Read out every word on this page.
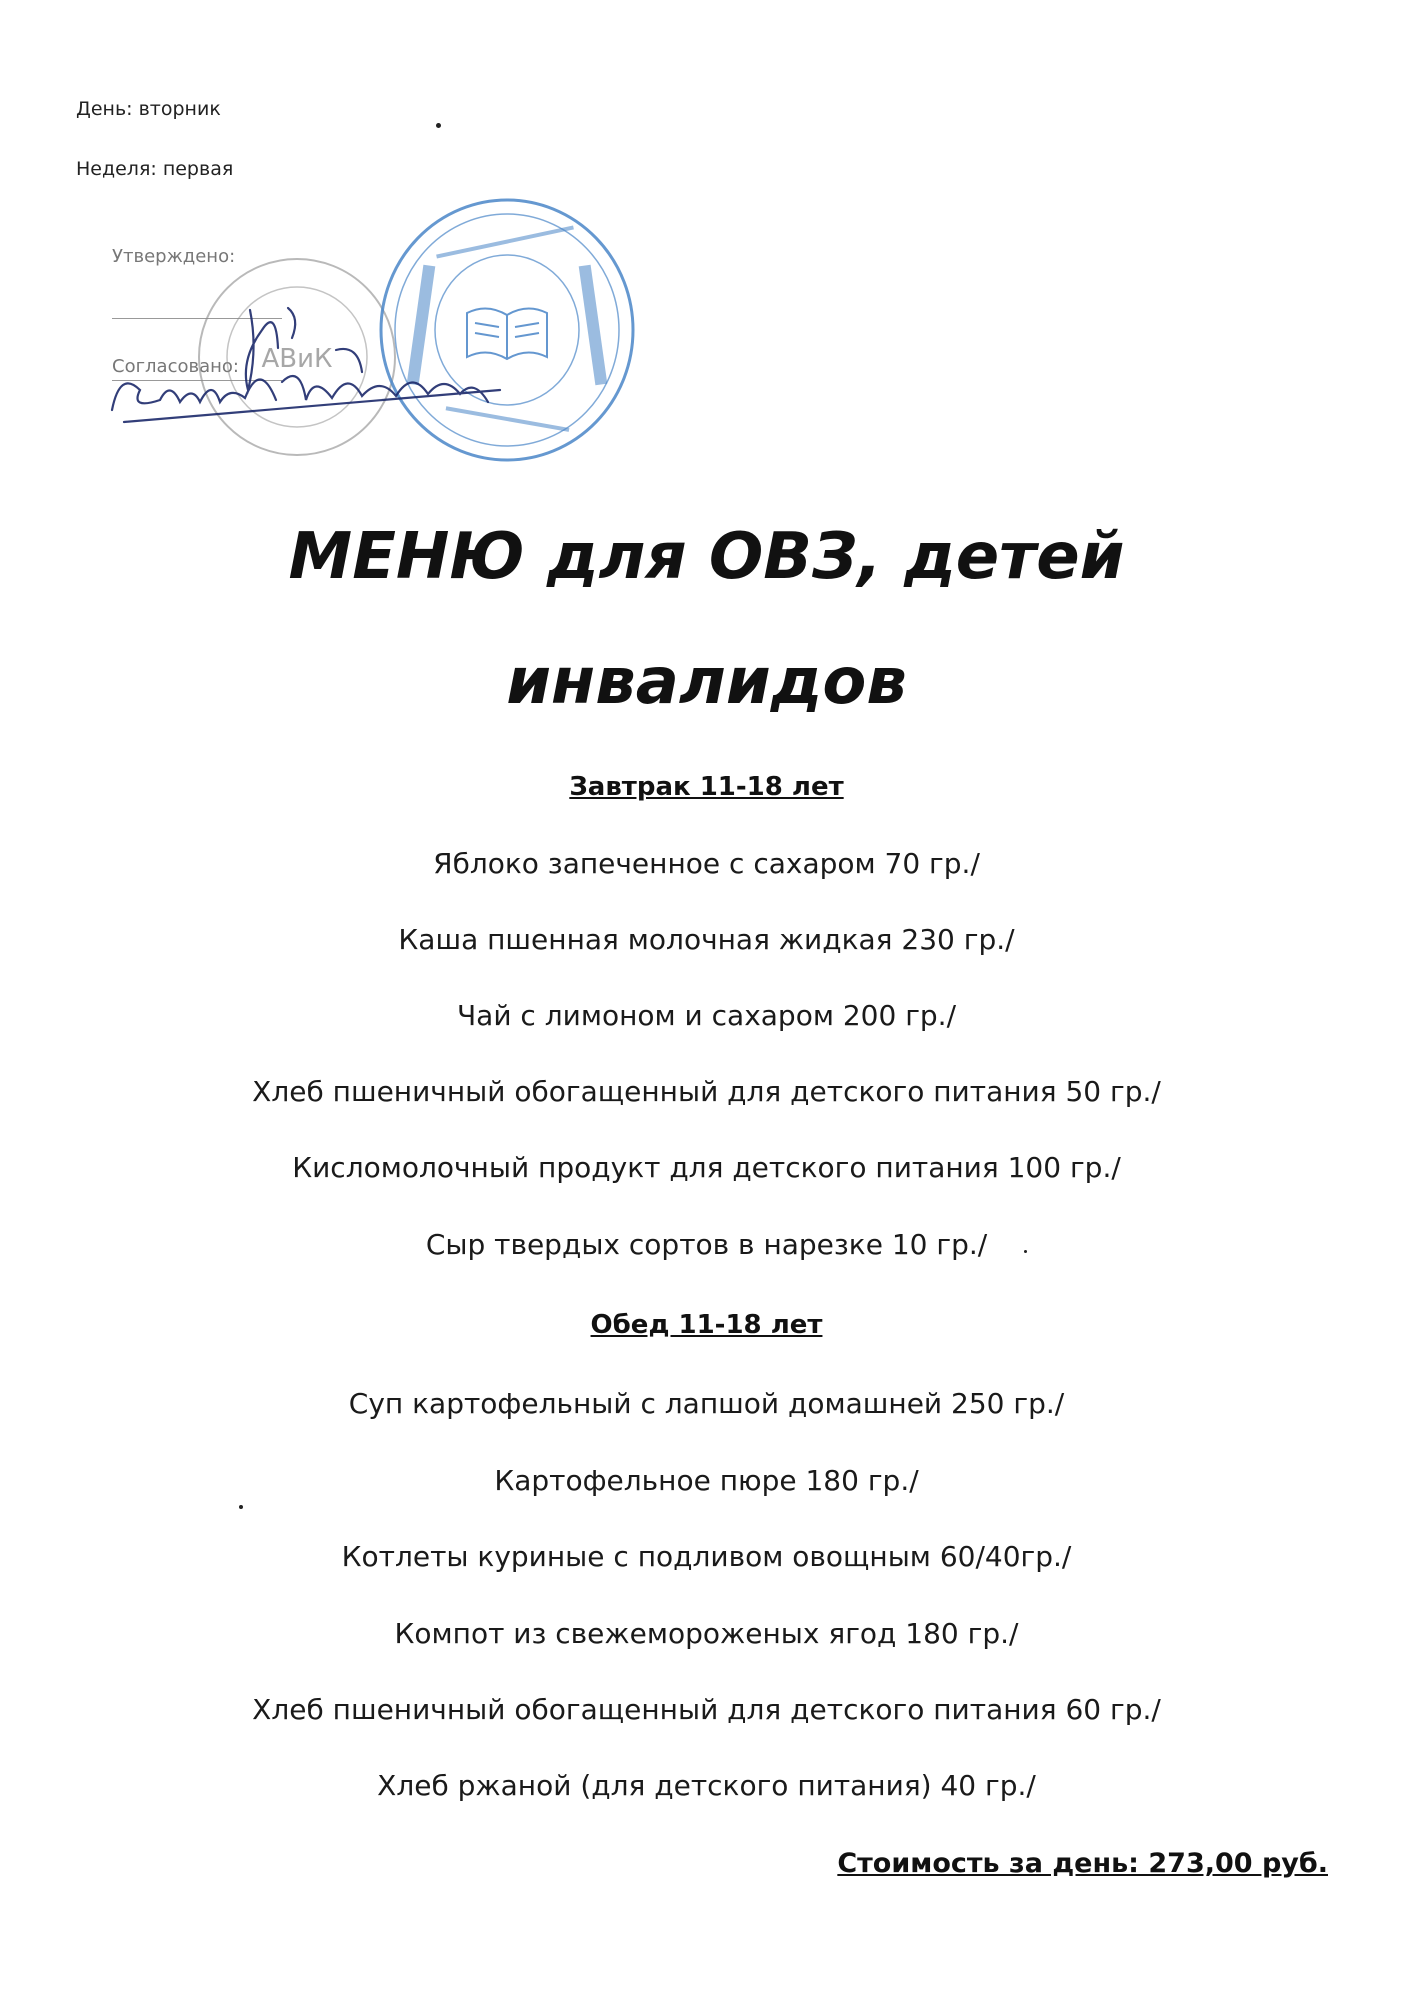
День: вторник
Неделя: первая
Утверждено:
Согласовано: АВиК
МЕНЮ для ОВЗ, детей
инвалидов
Завтрак 11-18 лет
Яблоко запеченное с сахаром 70 гр./
Каша пшенная молочная жидкая 230 гр./
Чай с лимоном и сахаром 200 гр./
Хлеб пшеничный обогащенный для детского питания 50 гр./
Кисломолочный продукт для детского питания 100 гр./
Сыр твердых сортов в нарезке 10 гр./
Обед 11-18 лет
Суп картофельный с лапшой домашней 250 гр./
Картофельное пюре 180 гр./
Котлеты куриные с подливом овощным 60/40гр./
Компот из свежемороженых ягод 180 гр./
Хлеб пшеничный обогащенный для детского питания 60 гр./
Хлеб ржаной (для детского питания) 40 гр./
Стоимость за день: 273,00 руб.
